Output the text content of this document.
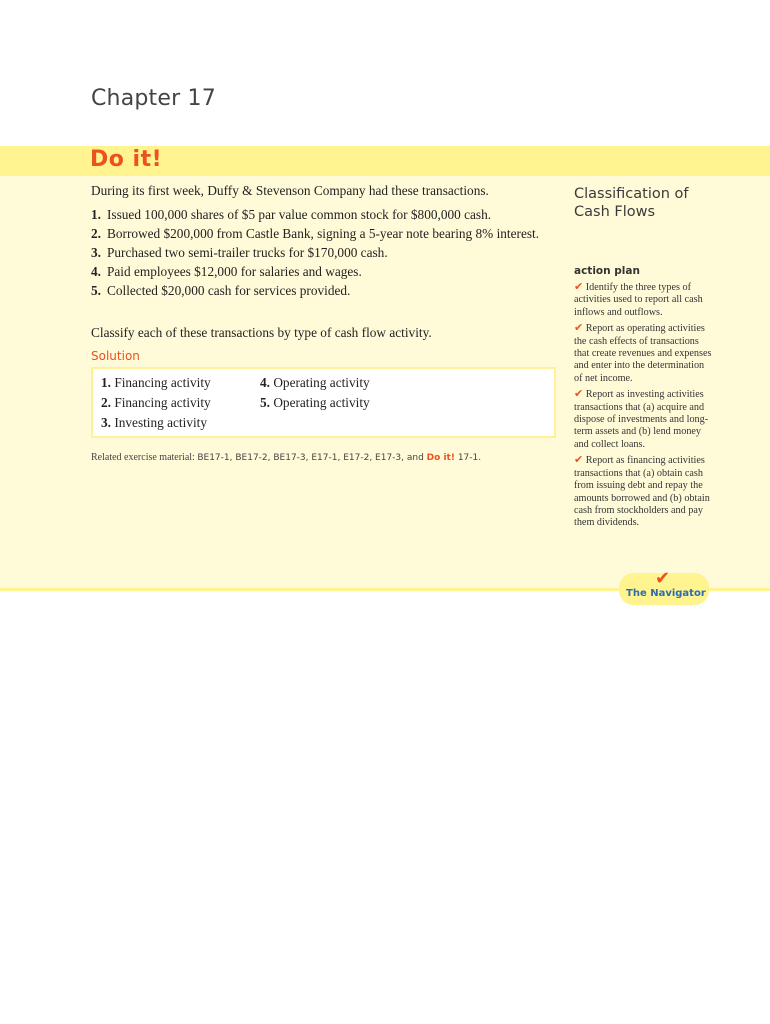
Chapter 17
Do it!
During its first week, Duffy & Stevenson Company had these transactions.
1. Issued 100,000 shares of $5 par value common stock for $800,000 cash.
2. Borrowed $200,000 from Castle Bank, signing a 5-year note bearing 8% interest.
3. Purchased two semi-trailer trucks for $170,000 cash.
4. Paid employees $12,000 for salaries and wages.
5. Collected $20,000 cash for services provided.
Classify each of these transactions by type of cash flow activity.
Solution
1. Financing activity
2. Financing activity
3. Investing activity
4. Operating activity
5. Operating activity
Related exercise material: BE17-1, BE17-2, BE17-3, E17-1, E17-2, E17-3, and Do it! 17-1.
Classification of
Cash Flows
action plan
✔ Identify the three types of activities used to report all cash inflows and outflows.
✔ Report as operating activities the cash effects of transactions that create revenues and expenses and enter into the determination of net income.
✔ Report as investing activities transactions that (a) acquire and dispose of investments and long-term assets and (b) lend money and collect loans.
✔ Report as financing activities transactions that (a) obtain cash from issuing debt and repay the amounts borrowed and (b) obtain cash from stockholders and pay them dividends.
✔
The Navigator
